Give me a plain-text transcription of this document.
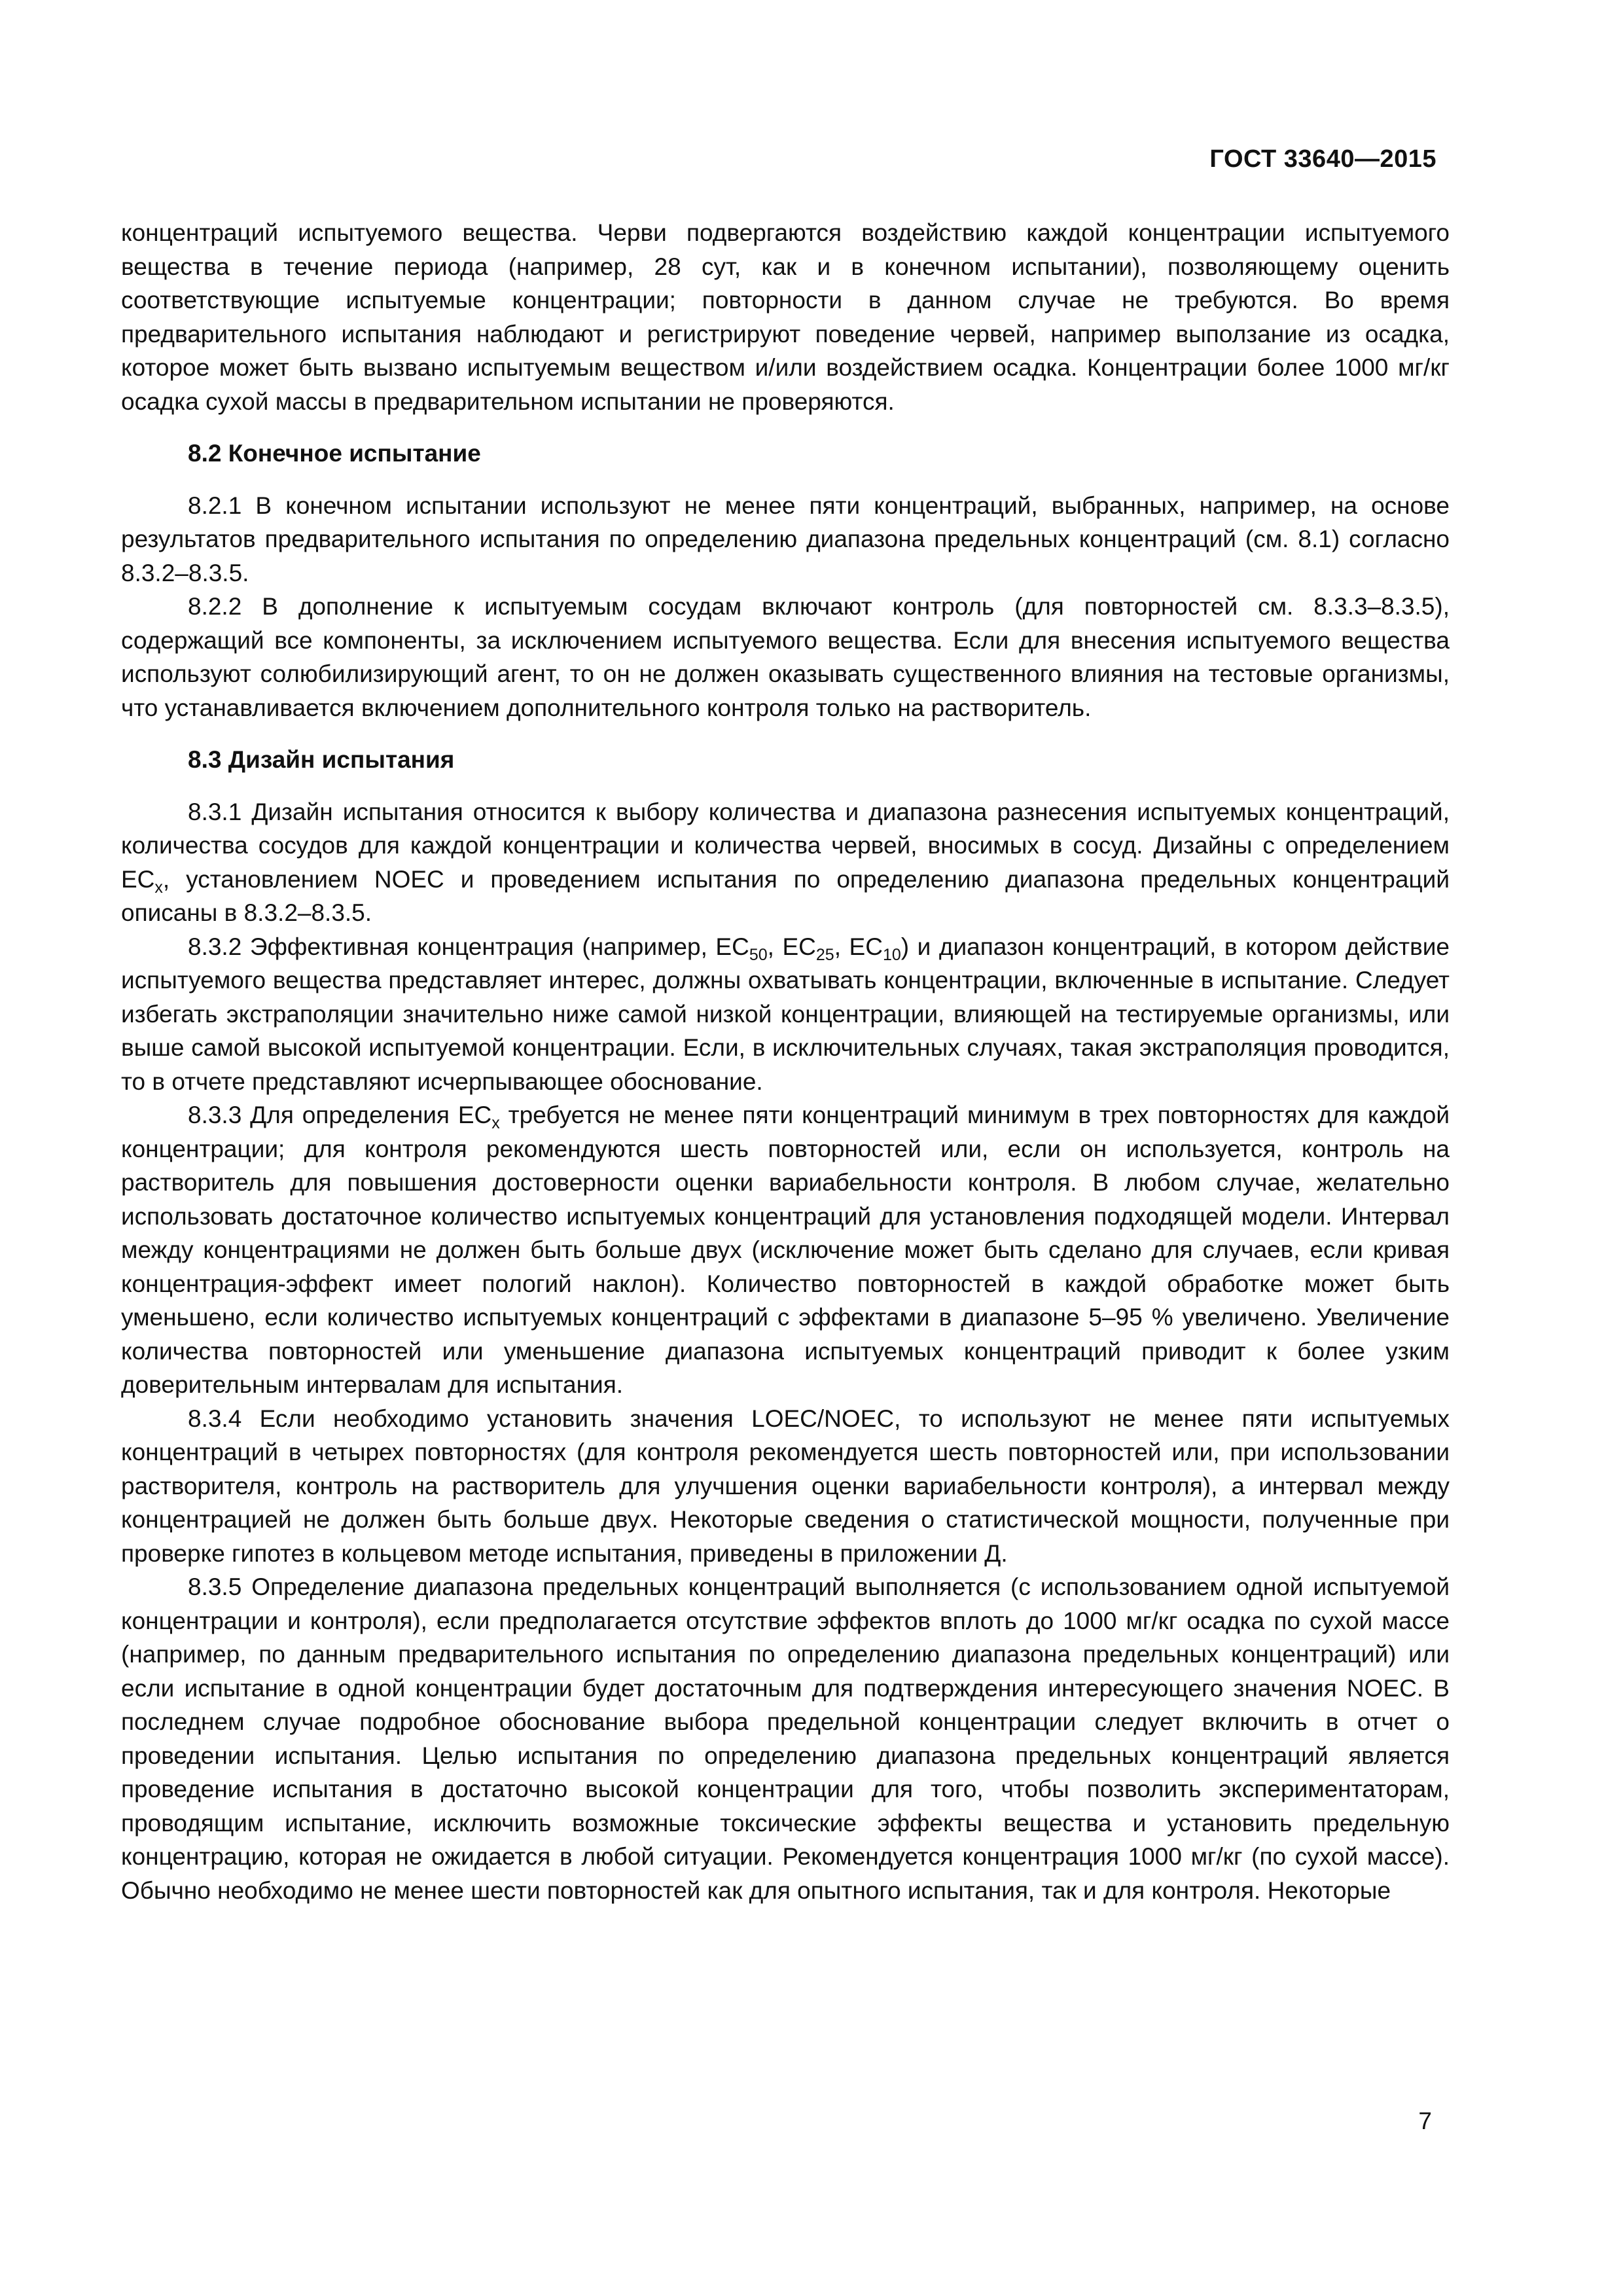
ГОСТ 33640—2015

концентраций испытуемого вещества. Черви подвергаются воздействию каждой концентрации испытуемого вещества в течение периода (например, 28 сут, как и в конечном испытании), позволяющему оценить соответствующие испытуемые концентрации; повторности в данном случае не требуются. Во время предварительного испытания наблюдают и регистрируют поведение червей, например выползание из осадка, которое может быть вызвано испытуемым веществом и/или воздействием осадка. Концентрации более 1000 мг/кг осадка сухой массы в предварительном испытании не проверяются.

8.2 Конечное испытание

8.2.1 В конечном испытании используют не менее пяти концентраций, выбранных, например, на основе результатов предварительного испытания по определению диапазона предельных концентраций (см. 8.1) согласно 8.3.2–8.3.5.

8.2.2 В дополнение к испытуемым сосудам включают контроль (для повторностей см. 8.3.3–8.3.5), содержащий все компоненты, за исключением испытуемого вещества. Если для внесения испытуемого вещества используют солюбилизирующий агент, то он не должен оказывать существенного влияния на тестовые организмы, что устанавливается включением дополнительного контроля только на растворитель.

8.3 Дизайн испытания

8.3.1 Дизайн испытания относится к выбору количества и диапазона разнесения испытуемых концентраций, количества сосудов для каждой концентрации и количества червей, вносимых в сосуд. Дизайны с определением $EC_x$, установлением NOEC и проведением испытания по определению диапазона предельных концентраций описаны в 8.3.2–8.3.5.

8.3.2 Эффективная концентрация (например, $EC_{50}$, $EC_{25}$, $EC_{10}$) и диапазон концентраций, в котором действие испытуемого вещества представляет интерес, должны охватывать концентрации, включенные в испытание. Следует избегать экстраполяции значительно ниже самой низкой концентрации, влияющей на тестируемые организмы, или выше самой высокой испытуемой концентрации. Если, в исключительных случаях, такая экстраполяция проводится, то в отчете представляют исчерпывающее обоснование.

8.3.3 Для определения $EC_x$ требуется не менее пяти концентраций минимум в трех повторностях для каждой концентрации; для контроля рекомендуются шесть повторностей или, если он используется, контроль на растворитель для повышения достоверности оценки вариабельности контроля. В любом случае, желательно использовать достаточное количество испытуемых концентраций для установления подходящей модели. Интервал между концентрациями не должен быть больше двух (исключение может быть сделано для случаев, если кривая концентрация-эффект имеет пологий наклон). Количество повторностей в каждой обработке может быть уменьшено, если количество испытуемых концентраций с эффектами в диапазоне 5–95 % увеличено. Увеличение количества повторностей или уменьшение диапазона испытуемых концентраций приводит к более узким доверительным интервалам для испытания.

8.3.4 Если необходимо установить значения LOEC/NOEC, то используют не менее пяти испытуемых концентраций в четырех повторностях (для контроля рекомендуется шесть повторностей или, при использовании растворителя, контроль на растворитель для улучшения оценки вариабельности контроля), а интервал между концентрацией не должен быть больше двух. Некоторые сведения о статистической мощности, полученные при проверке гипотез в кольцевом методе испытания, приведены в приложении Д.

8.3.5 Определение диапазона предельных концентраций выполняется (с использованием одной испытуемой концентрации и контроля), если предполагается отсутствие эффектов вплоть до 1000 мг/кг осадка по сухой массе (например, по данным предварительного испытания по определению диапазона предельных концентраций) или если испытание в одной концентрации будет достаточным для подтверждения интересующего значения NOEC. В последнем случае подробное обоснование выбора предельной концентрации следует включить в отчет о проведении испытания. Целью испытания по определению диапазона предельных концентраций является проведение испытания в достаточно высокой концентрации для того, чтобы позволить экспериментаторам, проводящим испытание, исключить возможные токсические эффекты вещества и установить предельную концентрацию, которая не ожидается в любой ситуации. Рекомендуется концентрация 1000 мг/кг (по сухой массе). Обычно необходимо не менее шести повторностей как для опытного испытания, так и для контроля. Некоторые

7
